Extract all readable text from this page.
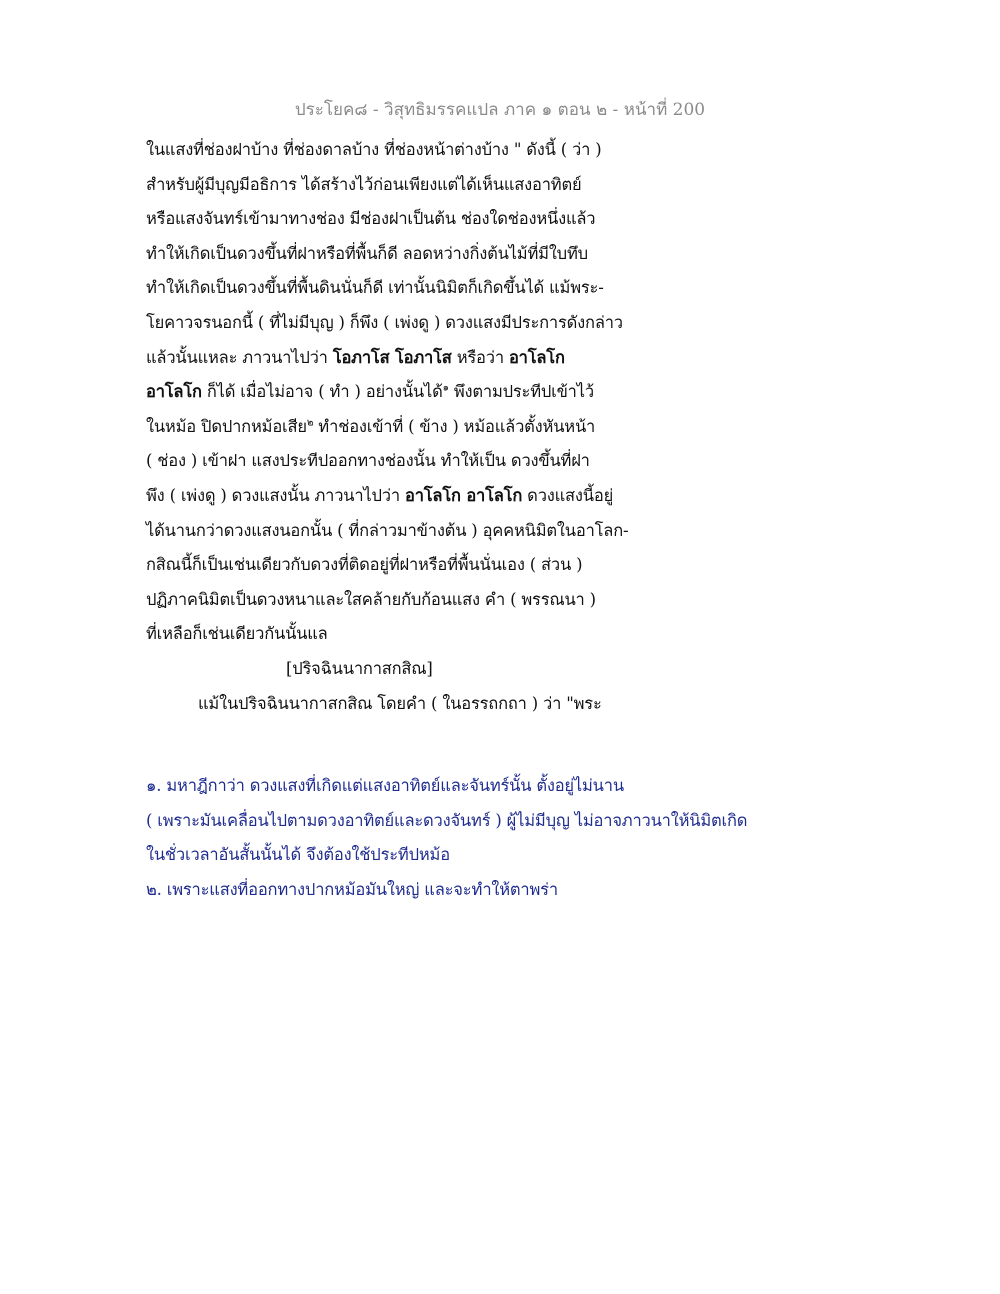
ประโยค๘ - วิสุทธิมรรคแปล ภาค ๑ ตอน ๒ - หน้าที่ 200
ในแสงที่ช่องฝาบ้าง ที่ช่องดาลบ้าง ที่ช่องหน้าต่างบ้าง " ดังนี้ ( ว่า )
สำหรับผู้มีบุญมีอธิการ ได้สร้างไว้ก่อนเพียงแต่ได้เห็นแสงอาทิตย์
หรือแสงจันทร์เข้ามาทางช่อง มีช่องฝาเป็นต้น ช่องใดช่องหนึ่งแล้ว
ทำให้เกิดเป็นดวงขึ้นที่ฝาหรือที่พื้นก็ดี ลอดหว่างกิ่งต้นไม้ที่มีใบทึบ
ทำให้เกิดเป็นดวงขึ้นที่พื้นดินนั่นก็ดี เท่านั้นนิมิตก็เกิดขึ้นได้ แม้พระ-
โยคาวจรนอกนี้ ( ที่ไม่มีบุญ ) ก็พึง ( เพ่งดู ) ดวงแสงมีประการดังกล่าว
แล้วนั้นแหละ ภาวนาไปว่า โอภาโส โอภาโส หรือว่า อาโลโก
อาโลโก ก็ได้ เมื่อไม่อาจ ( ทำ ) อย่างนั้นได้$^๑$ พึงตามประทีปเข้าไว้
ในหม้อ ปิดปากหม้อเสีย$^๒$ ทำช่องเข้าที่ ( ข้าง ) หม้อแล้วตั้งหันหน้า
( ช่อง ) เข้าฝา แสงประทีปออกทางช่องนั้น ทำให้เป็น ดวงขึ้นที่ฝา
พึง ( เพ่งดู ) ดวงแสงนั้น ภาวนาไปว่า อาโลโก อาโลโก ดวงแสงนี้อยู่
ได้นานกว่าดวงแสงนอกนั้น ( ที่กล่าวมาข้างต้น ) อุคคหนิมิตในอาโลก-
กสิณนี้ก็เป็นเช่นเดียวกับดวงที่ติดอยู่ที่ฝาหรือที่พื้นนั่นเอง ( ส่วน )
ปฏิภาคนิมิตเป็นดวงหนาและใสคล้ายกับก้อนแสง คำ ( พรรณนา )
ที่เหลือก็เช่นเดียวกันนั้นแล
[ปริจฉินนากาสกสิณ]
แม้ในปริจฉินนากาสกสิณ โดยคำ ( ในอรรถกถา ) ว่า "พระ
๑. มหาฎีกาว่า ดวงแสงที่เกิดแต่แสงอาทิตย์และจันทร์นั้น ตั้งอยู่ไม่นาน
( เพราะมันเคลื่อนไปตามดวงอาทิตย์และดวงจันทร์ ) ผู้ไม่มีบุญ ไม่อาจภาวนาให้นิมิตเกิด
ในชั่วเวลาอันสั้นนั้นได้ จึงต้องใช้ประทีปหม้อ
๒. เพราะแสงที่ออกทางปากหม้อมันใหญ่ และจะทำให้ตาพร่า
